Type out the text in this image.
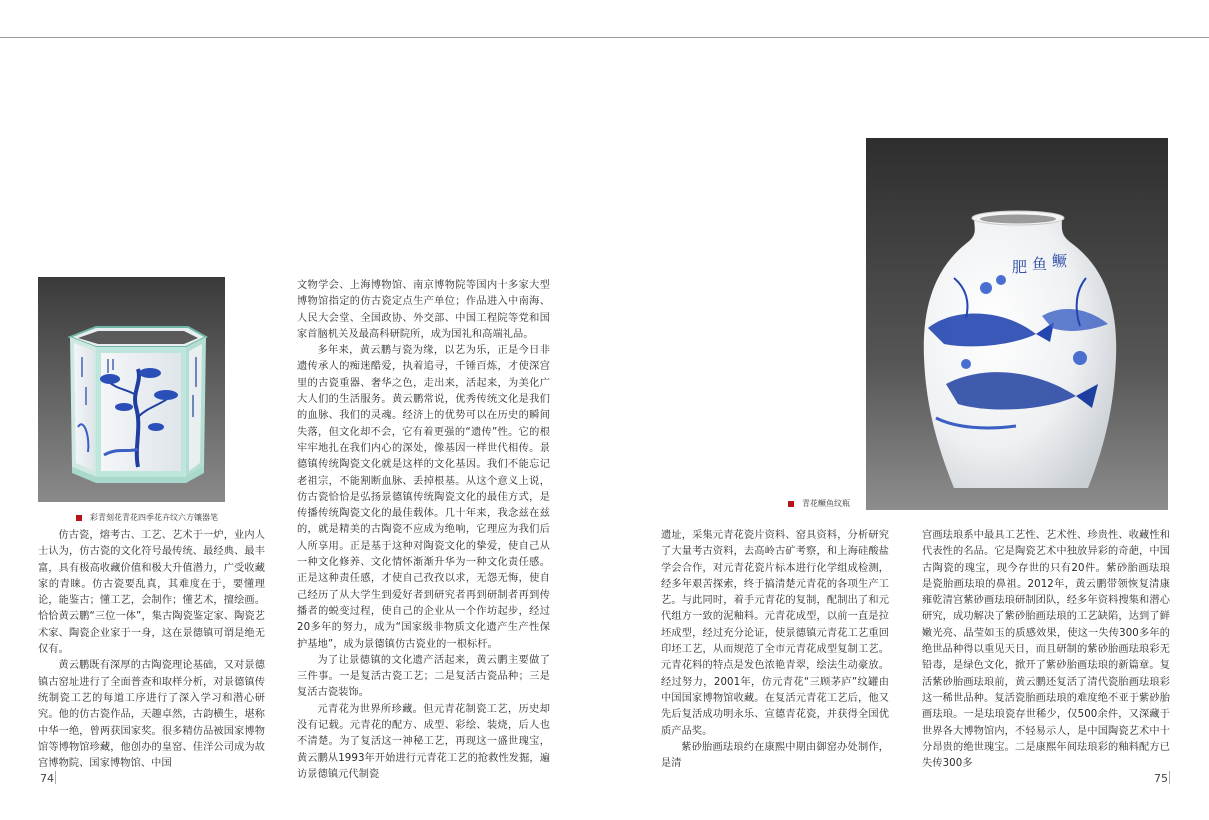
彩青刻花青花四季花卉纹六方镶器笔

仿古瓷，熔考古、工艺、艺术于一炉，业内人士认为，仿古瓷的文化符号最传统、最经典、最丰富，具有极高收藏价值和极大升值潜力，广受收藏家的青睐。仿古瓷要乱真，其难度在于，要懂理论，能鉴古；懂工艺，会制作；懂艺术，擅绘画。恰恰黄云鹏“三位一体”，集古陶瓷鉴定家、陶瓷艺术家、陶瓷企业家于一身，这在景德镇可谓是绝无仅有。

黄云鹏既有深厚的古陶瓷理论基础，又对景德镇古窑址进行了全面普查和取样分析，对景德镇传统制瓷工艺的每道工序进行了深入学习和潜心研究。他的仿古瓷作品，天趣卓然，古韵横生，堪称中华一绝，曾两获国家奖。很多精仿品被国家博物馆等博物馆珍藏，他创办的皇窑、佳洋公司成为故宫博物院、国家博物馆、中国

文物学会、上海博物馆、南京博物院等国内十多家大型博物馆指定的仿古瓷定点生产单位；作品进入中南海、人民大会堂、全国政协、外交部、中国工程院等党和国家首脑机关及最高科研院所，成为国礼和高端礼品。

多年来，黄云鹏与瓷为缘，以艺为乐，正是今日非遗传承人的痴迷酷爱，执着追寻，千锤百炼，才使深宫里的古瓷重器、奢华之色，走出来，活起来，为美化广大人们的生活服务。黄云鹏常说，优秀传统文化是我们的血脉、我们的灵魂。经济上的优势可以在历史的瞬间失落，但文化却不会，它有着更强的“遗传”性。它的根牢牢地扎在我们内心的深处，像基因一样世代相传。景德镇传统陶瓷文化就是这样的文化基因。我们不能忘记老祖宗，不能割断血脉、丢掉根基。从这个意义上说，仿古瓷恰恰是弘扬景德镇传统陶瓷文化的最佳方式，是传播传统陶瓷文化的最佳载体。几十年来，我念兹在兹的，就是精美的古陶瓷不应成为绝响，它理应为我们后人所享用。正是基于这种对陶瓷文化的挚爱，使自己从一种文化修养、文化情怀渐渐升华为一种文化责任感。正是这种责任感，才使自己孜孜以求，无怨无悔，使自己经历了从大学生到爱好者到研究者再到研制者再到传播者的蜕变过程，使自己的企业从一个作坊起步，经过20多年的努力，成为“国家级非物质文化遗产生产性保护基地”，成为景德镇仿古瓷业的一根标杆。

为了让景德镇的文化遗产活起来，黄云鹏主要做了三件事。一是复活古瓷工艺；二是复活古瓷品种；三是复活古瓷装饰。

元青花为世界所珍藏。但元青花制瓷工艺，历史却没有记载。元青花的配方、成型、彩绘、装烧，后人也不清楚。为了复活这一神秘工艺，再现这一盛世瑰宝，黄云鹏从1993年开始进行元青花工艺的抢救性发掘，遍访景德镇元代制瓷

74
鳜
鱼
肥
青花鳜鱼纹瓶

遗址，采集元青花瓷片资料、窑具资料，分析研究了大量考古资料，去高岭古矿考察，和上海硅酸盐学会合作，对元青花瓷片标本进行化学组成检测，经多年艰苦探索，终于搞清楚元青花的各项生产工艺。与此同时，着手元青花的复制，配制出了和元代组方一致的泥釉料。元青花成型，以前一直是拉坯成型，经过充分论证，使景德镇元青花工艺重回印坯工艺，从而规范了全市元青花成型复制工艺。元青花料的特点是发色浓艳青翠，绘法生动豪放。经过努力，2001年，仿元青花“三顾茅庐”纹罐由中国国家博物馆收藏。在复活元青花工艺后，他又先后复活成功明永乐、宣德青花瓷，并获得全国优质产品奖。

紫砂胎画珐琅约在康熙中期由御窑办处制作，是清

宫画珐琅系中最具工艺性、艺术性、珍贵性、收藏性和代表性的名品。它是陶瓷艺术中独放异彩的奇葩，中国古陶瓷的瑰宝，现今存世的只有20件。紫砂胎画珐琅是瓷胎画珐琅的鼻祖。2012年，黄云鹏带领恢复清康雍乾清宫紫砂画珐琅研制团队，经多年资料搜集和潜心研究，成功解决了紫砂胎画珐琅的工艺缺陷，达到了鲜嫩光亮、晶莹如玉的质感效果，使这一失传300多年的绝世品种得以重见天日，而且研制的紫砂胎画珐琅彩无铅毒，是绿色文化，掀开了紫砂胎画珐琅的新篇章。复活紫砂胎画珐琅前，黄云鹏还复活了清代瓷胎画珐琅彩这一稀世品种。复活瓷胎画珐琅的难度绝不亚于紫砂胎画珐琅。一是珐琅瓷存世稀少，仅500余件，又深藏于世界各大博物馆内，不轻易示人，是中国陶瓷艺术中十分昂贵的绝世瑰宝。二是康熙年间珐琅彩的釉料配方已失传300多

75
